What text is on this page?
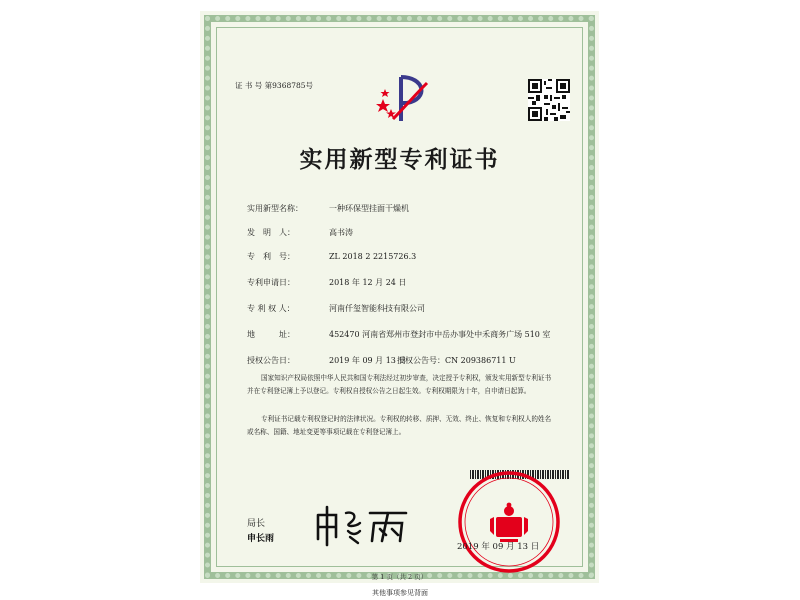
证 书 号 第9368785号
实用新型专利证书
实用新型名称：	一种环保型挂面干燥机
发　明　人：	高书涛
专　利　号：	ZL 2018 2 2215726.3
专利申请日：	2018 年 12 月 24 日
专 利 权 人：	河南仟玺智能科技有限公司
地　　　址：	452470 河南省郑州市登封市中岳办事处中禾商务广场 510 室
授权公告日：	2019 年 09 月 13 日
授权公告号：CN 209386711 U
国家知识产权局依照中华人民共和国专利法经过初步审查，决定授予专利权，颁发实用新型专利证书并在专利登记簿上予以登记。专利权自授权公告之日起生效。专利权期限为十年，自申请日起算。
专利证书记载专利权登记时的法律状况。专利权的转移、质押、无效、终止、恢复和专利权人的姓名或名称、国籍、地址变更等事项记载在专利登记簿上。
局长
申长雨
2019 年 09 月 13 日
第 1 页（共 2 页）
其他事项参见背面
